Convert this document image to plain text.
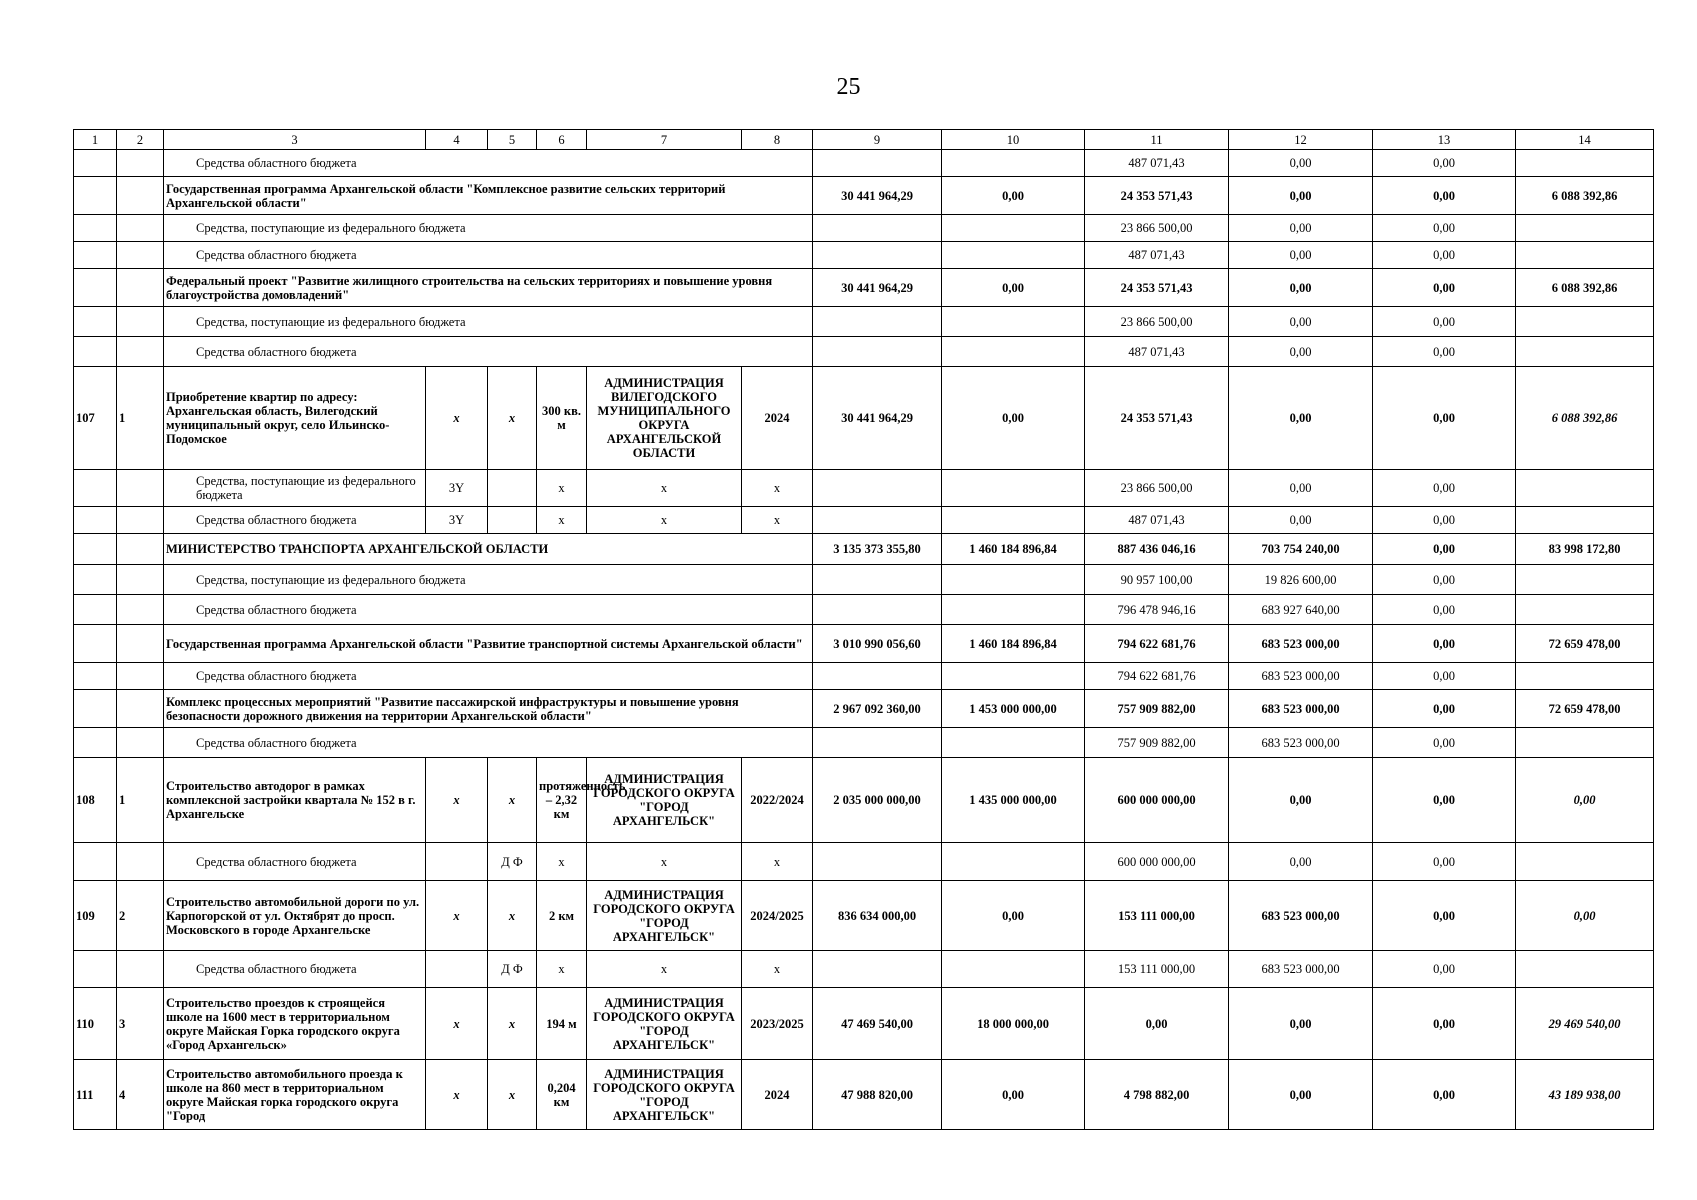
25
1	2	3	4	5	6	7	8	9	10	11	12	13	14
		Средства областного бюджета								487 071,43	0,00	0,00	
		Государственная программа Архангельской области "Комплексное развитие сельских территорий Архангельской области"						30 441 964,29	0,00	24 353 571,43	0,00	0,00	6 088 392,86
		Средства, поступающие из федерального бюджета								23 866 500,00	0,00	0,00	
		Средства областного бюджета								487 071,43	0,00	0,00	
		Федеральный проект "Развитие жилищного строительства на сельских территориях и повышение уровня благоустройства домовладений"						30 441 964,29	0,00	24 353 571,43	0,00	0,00	6 088 392,86
		Средства, поступающие из федерального бюджета								23 866 500,00	0,00	0,00	
		Средства областного бюджета								487 071,43	0,00	0,00	
107	1	Приобретение квартир по адресу: Архангельская область, Вилегодский муниципальный округ, село Ильинско-Подомское	х	х	300 кв. м	АДМИНИСТРАЦИЯ ВИЛЕГОДСКОГО МУНИЦИПАЛЬНОГО ОКРУГА АРХАНГЕЛЬСКОЙ ОБЛАСТИ	2024	30 441 964,29	0,00	24 353 571,43	0,00	0,00	6 088 392,86
		Средства, поступающие из федерального бюджета	3Y		х	х	х			23 866 500,00	0,00	0,00	
		Средства областного бюджета	3Y		х	х	х			487 071,43	0,00	0,00	
		МИНИСТЕРСТВО ТРАНСПОРТА АРХАНГЕЛЬСКОЙ ОБЛАСТИ						3 135 373 355,80	1 460 184 896,84	887 436 046,16	703 754 240,00	0,00	83 998 172,80
		Средства, поступающие из федерального бюджета								90 957 100,00	19 826 600,00	0,00	
		Средства областного бюджета								796 478 946,16	683 927 640,00	0,00	
		Государственная программа Архангельской области "Развитие транспортной системы Архангельской области"						3 010 990 056,60	1 460 184 896,84	794 622 681,76	683 523 000,00	0,00	72 659 478,00
		Средства областного бюджета								794 622 681,76	683 523 000,00	0,00	
		Комплекс процессных мероприятий "Развитие пассажирской инфраструктуры и повышение уровня безопасности дорожного движения на территории Архангельской области"						2 967 092 360,00	1 453 000 000,00	757 909 882,00	683 523 000,00	0,00	72 659 478,00
		Средства областного бюджета								757 909 882,00	683 523 000,00	0,00	
108	1	Строительство автодорог в рамках комплексной застройки квартала № 152 в г. Архангельске	х	х	протяженность – 2,32 км	АДМИНИСТРАЦИЯ ГОРОДСКОГО ОКРУГА "ГОРОД АРХАНГЕЛЬСК"	2022/2024	2 035 000 000,00	1 435 000 000,00	600 000 000,00	0,00	0,00	0,00
		Средства областного бюджета		Д Ф	х	х	х			600 000 000,00	0,00	0,00	
109	2	Строительство автомобильной дороги по ул. Карпогорской от ул. Октябрят до просп. Московского в городе Архангельске	х	х	2 км	АДМИНИСТРАЦИЯ ГОРОДСКОГО ОКРУГА "ГОРОД АРХАНГЕЛЬСК"	2024/2025	836 634 000,00	0,00	153 111 000,00	683 523 000,00	0,00	0,00
		Средства областного бюджета		Д Ф	х	х	х			153 111 000,00	683 523 000,00	0,00	
110	3	Строительство проездов к строящейся школе на 1600 мест в территориальном округе Майская Горка городского округа «Город Архангельск»	х	х	194 м	АДМИНИСТРАЦИЯ ГОРОДСКОГО ОКРУГА "ГОРОД АРХАНГЕЛЬСК"	2023/2025	47 469 540,00	18 000 000,00	0,00	0,00	0,00	29 469 540,00
111	4	Строительство автомобильного проезда к школе на 860 мест в территориальном округе Майская горка городского округа "Город	х	х	0,204 км	АДМИНИСТРАЦИЯ ГОРОДСКОГО ОКРУГА "ГОРОД АРХАНГЕЛЬСК"	2024	47 988 820,00	0,00	4 798 882,00	0,00	0,00	43 189 938,00
